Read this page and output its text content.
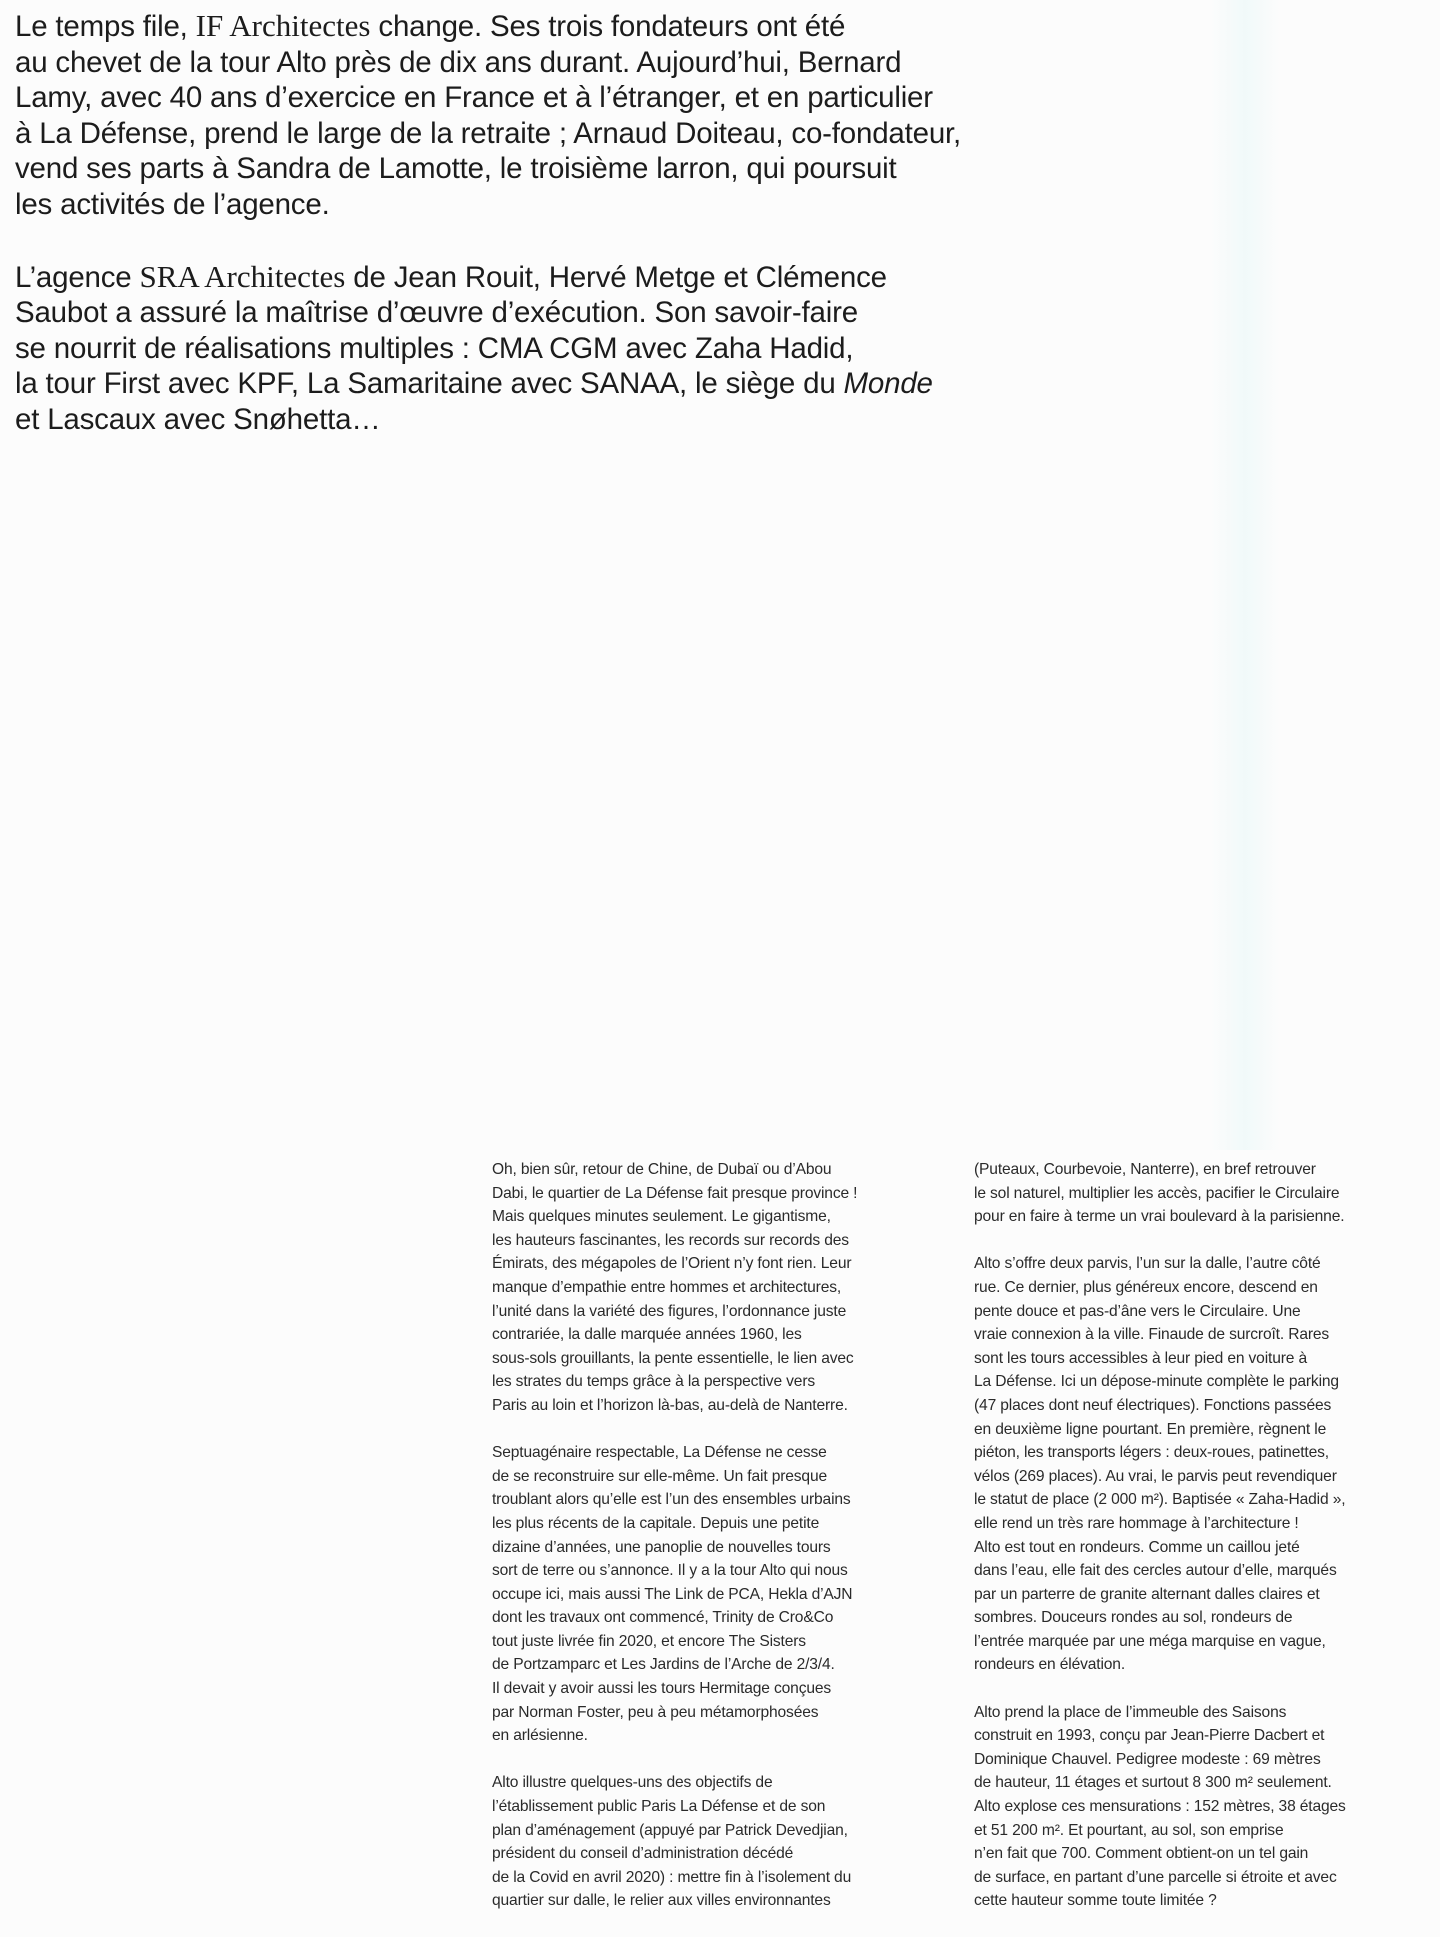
Le temps file, IF Architectes change. Ses trois fondateurs ont été
au chevet de la tour Alto près de dix ans durant. Aujourd’hui, Bernard
Lamy, avec 40 ans d’exercice en France et à l’étranger, et en particulier
à La Défense, prend le large de la retraite ; Arnaud Doiteau, co-fondateur,
vend ses parts à Sandra de Lamotte, le troisième larron, qui poursuit
les activités de l’agence.

L’agence SRA Architectes de Jean Rouit, Hervé Metge et Clémence
Saubot a assuré la maîtrise d’œuvre d’exécution. Son savoir-faire
se nourrit de réalisations multiples : CMA CGM avec Zaha Hadid,
la tour First avec KPF, La Samaritaine avec SANAA, le siège du Monde
et Lascaux avec Snøhetta…

Oh, bien sûr, retour de Chine, de Dubaï ou d’Abou
Dabi, le quartier de La Défense fait presque province !
Mais quelques minutes seulement. Le gigantisme,
les hauteurs fascinantes, les records sur records des
Émirats, des mégapoles de l’Orient n’y font rien. Leur
manque d’empathie entre hommes et architectures,
l’unité dans la variété des figures, l’ordonnance juste
contrariée, la dalle marquée années 1960, les
sous-sols grouillants, la pente essentielle, le lien avec
les strates du temps grâce à la perspective vers
Paris au loin et l’horizon là-bas, au-delà de Nanterre.

Septuagénaire respectable, La Défense ne cesse
de se reconstruire sur elle-même. Un fait presque
troublant alors qu’elle est l’un des ensembles urbains
les plus récents de la capitale. Depuis une petite
dizaine d’années, une panoplie de nouvelles tours
sort de terre ou s’annonce. Il y a la tour Alto qui nous
occupe ici, mais aussi The Link de PCA, Hekla d’AJN
dont les travaux ont commencé, Trinity de Cro&Co
tout juste livrée fin 2020, et encore The Sisters
de Portzamparc et Les Jardins de l’Arche de 2/3/4.
Il devait y avoir aussi les tours Hermitage conçues
par Norman Foster, peu à peu métamorphosées
en arlésienne.

Alto illustre quelques-uns des objectifs de
l’établissement public Paris La Défense et de son
plan d’aménagement (appuyé par Patrick Devedjian,
président du conseil d’administration décédé
de la Covid en avril 2020) : mettre fin à l’isolement du
quartier sur dalle, le relier aux villes environnantes

(Puteaux, Courbevoie, Nanterre), en bref retrouver
le sol naturel, multiplier les accès, pacifier le Circulaire
pour en faire à terme un vrai boulevard à la parisienne.

Alto s’offre deux parvis, l’un sur la dalle, l’autre côté
rue. Ce dernier, plus généreux encore, descend en
pente douce et pas-d’âne vers le Circulaire. Une
vraie connexion à la ville. Finaude de surcroît. Rares
sont les tours accessibles à leur pied en voiture à
La Défense. Ici un dépose-minute complète le parking
(47 places dont neuf électriques). Fonctions passées
en deuxième ligne pourtant. En première, règnent le
piéton, les transports légers : deux-roues, patinettes,
vélos (269 places). Au vrai, le parvis peut revendiquer
le statut de place (2 000 m²). Baptisée « Zaha-Hadid »,
elle rend un très rare hommage à l’architecture !
Alto est tout en rondeurs. Comme un caillou jeté
dans l’eau, elle fait des cercles autour d’elle, marqués
par un parterre de granite alternant dalles claires et
sombres. Douceurs rondes au sol, rondeurs de
l’entrée marquée par une méga marquise en vague,
rondeurs en élévation.

Alto prend la place de l’immeuble des Saisons
construit en 1993, conçu par Jean-Pierre Dacbert et
Dominique Chauvel. Pedigree modeste : 69 mètres
de hauteur, 11 étages et surtout 8 300 m² seulement.
Alto explose ces mensurations : 152 mètres, 38 étages
et 51 200 m². Et pourtant, au sol, son emprise
n’en fait que 700. Comment obtient-on un tel gain
de surface, en partant d’une parcelle si étroite et avec
cette hauteur somme toute limitée ?
